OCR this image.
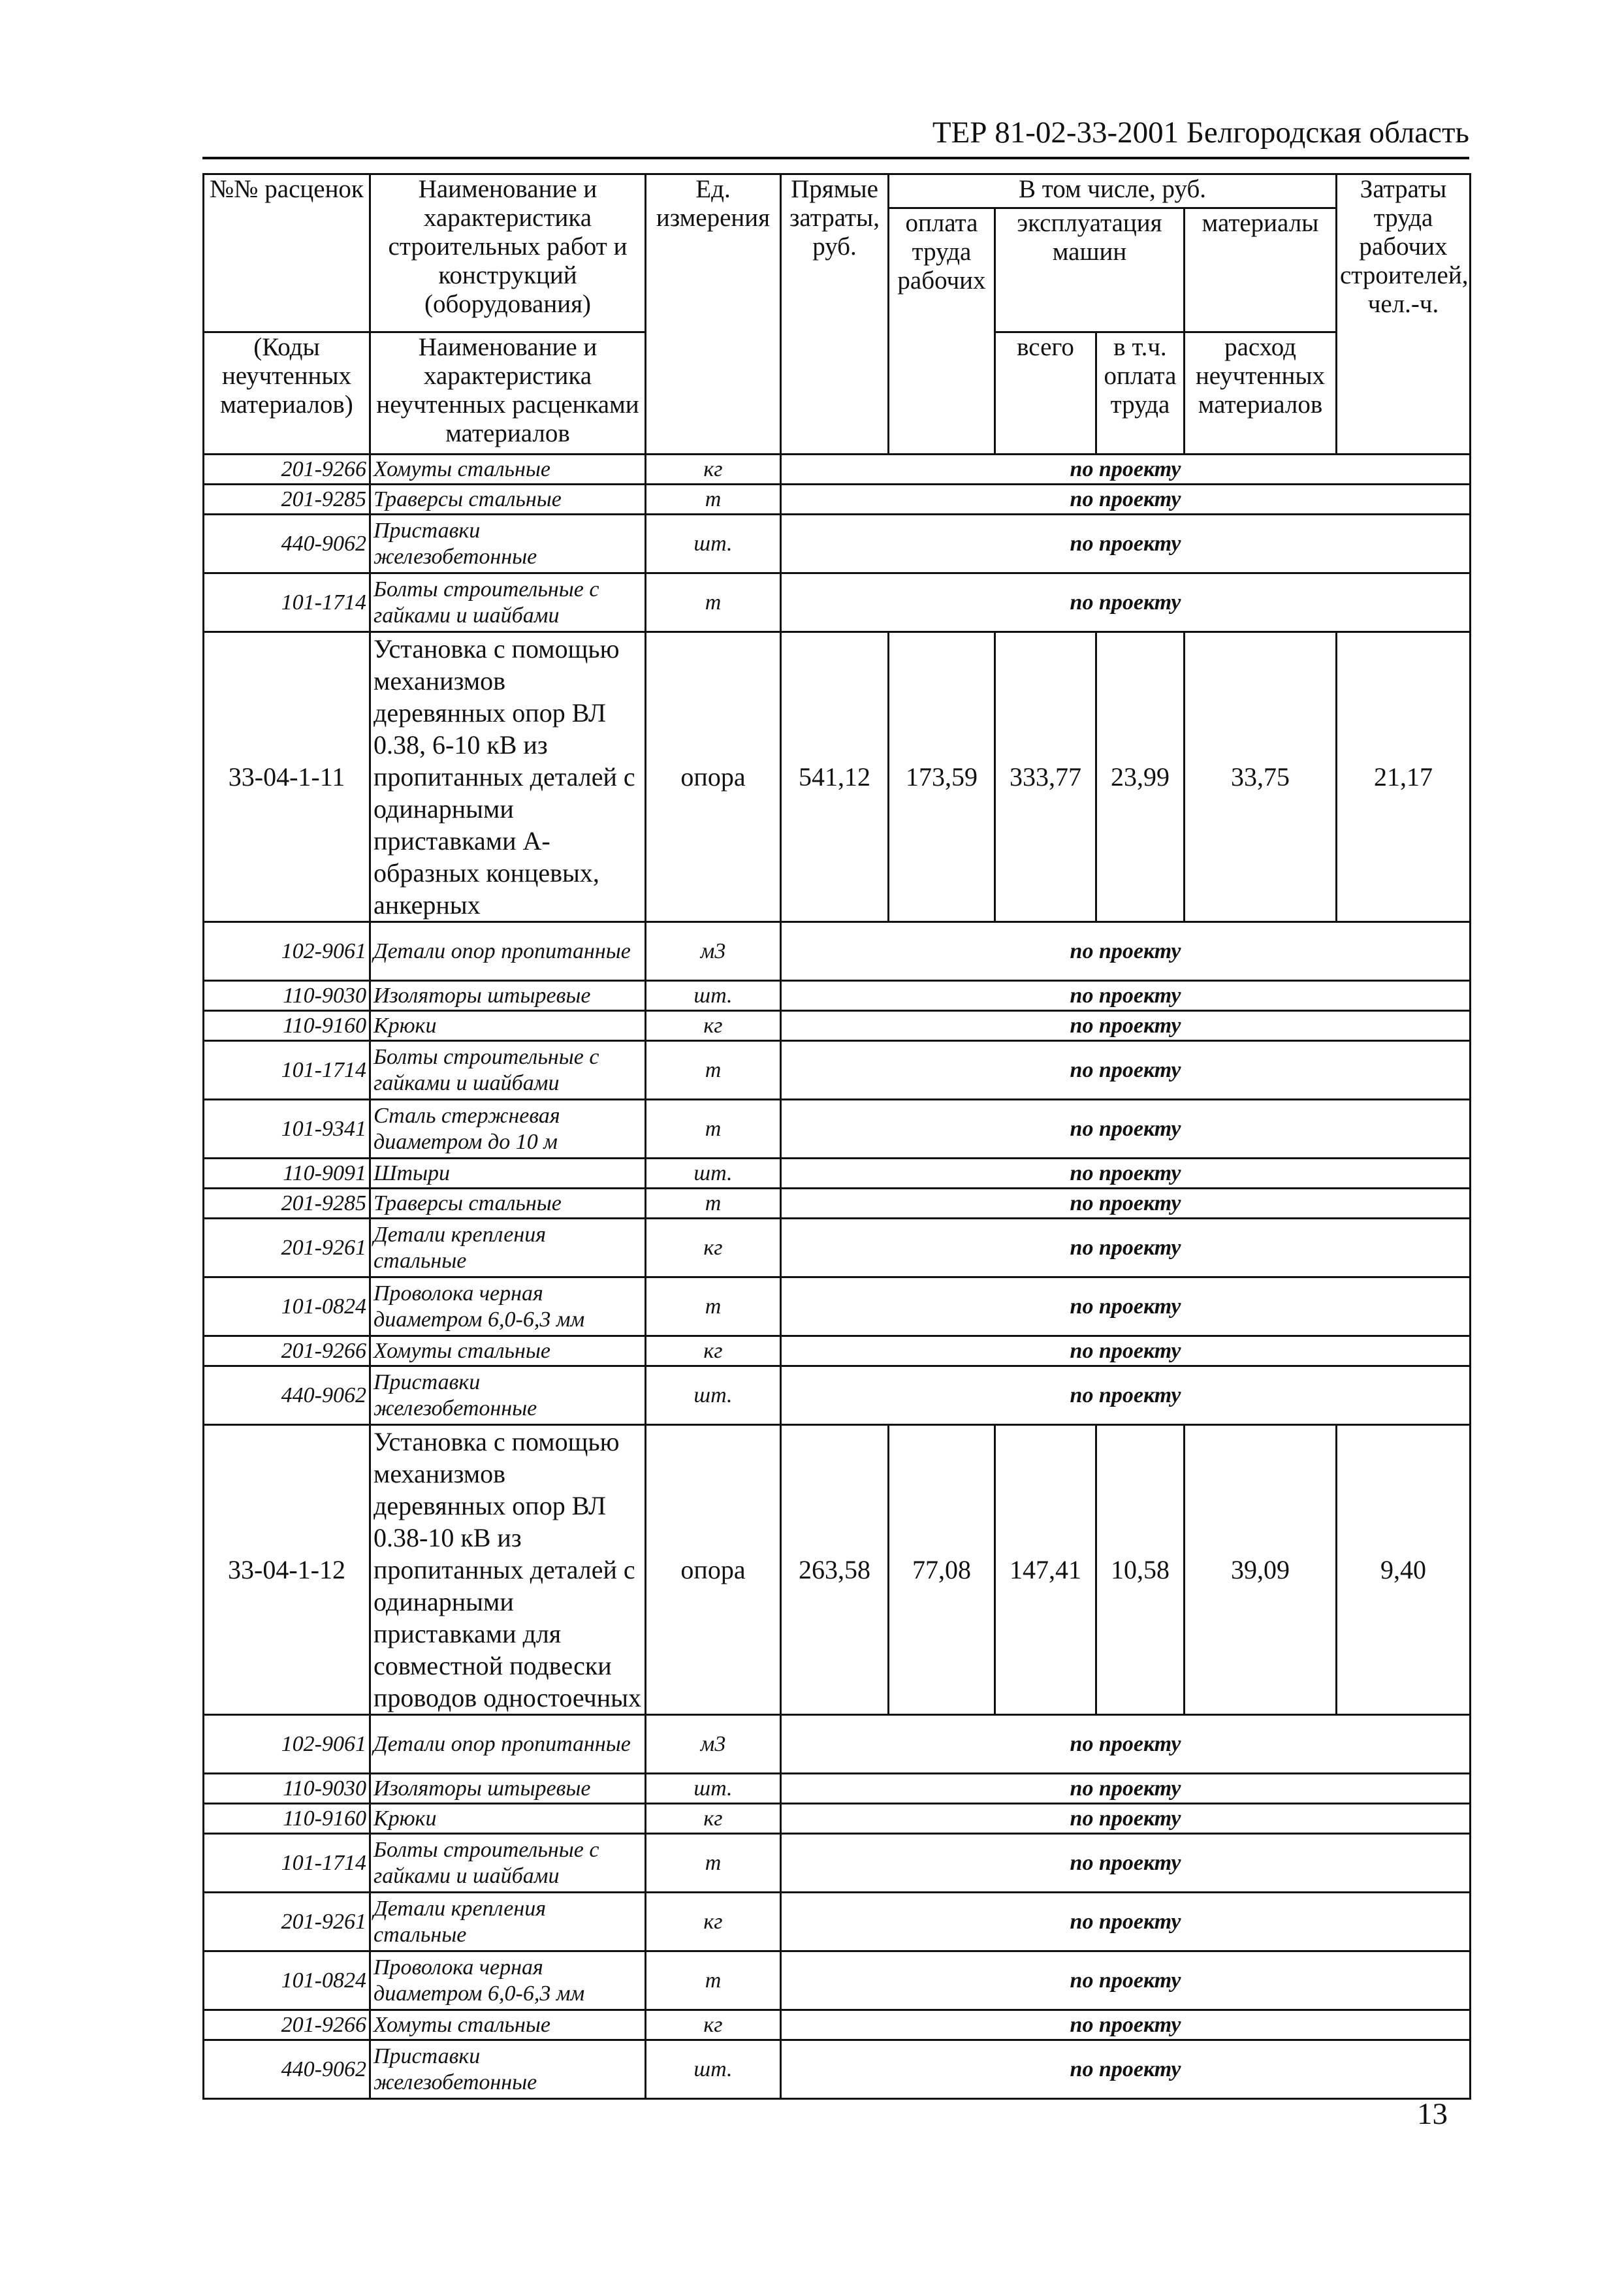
ТЕР 81-02-33-2001 Белгородская область
№№ расценок	Наименование и характеристика строительных работ и конструкций (оборудования)	Ед. измерения	Прямые затраты, руб.	В том числе, руб.				Затраты труда рабочих строителей, чел.-ч.
				оплата труда рабочих	эксплуатация машин		материалы	
(Коды неучтенных материалов)	Наименование и характеристика неучтенных расценками материалов				всего	в т.ч. оплата труда	расход неучтенных материалов	
201-9266	Хомуты стальные	кг	по проекту					
201-9285	Траверсы стальные	т	по проекту					
440-9062	Приставки железобетонные	шт.	по проекту					
101-1714	Болты строительные с гайками и шайбами	т	по проекту					
33-04-1-11	Установка с помощью механизмов деревянных опор ВЛ 0.38, 6-10 кВ из пропитанных деталей с одинарными приставками А- образных концевых, анкерных	опора	541,12	173,59	333,77	23,99	33,75	21,17
102-9061	Детали опор пропитанные	м3	по проекту					
110-9030	Изоляторы штыревые	шт.	по проекту					
110-9160	Крюки	кг	по проекту					
101-1714	Болты строительные с гайками и шайбами	т	по проекту					
101-9341	Сталь стержневая диаметром до 10 м	т	по проекту					
110-9091	Штыри	шт.	по проекту					
201-9285	Траверсы стальные	т	по проекту					
201-9261	Детали крепления стальные	кг	по проекту					
101-0824	Проволока черная диаметром 6,0-6,3 мм	т	по проекту					
201-9266	Хомуты стальные	кг	по проекту					
440-9062	Приставки железобетонные	шт.	по проекту					
33-04-1-12	Установка с помощью механизмов деревянных опор ВЛ 0.38-10 кВ из пропитанных деталей с одинарными приставками для совместной подвески проводов одностоечных	опора	263,58	77,08	147,41	10,58	39,09	9,40
102-9061	Детали опор пропитанные	м3	по проекту					
110-9030	Изоляторы штыревые	шт.	по проекту					
110-9160	Крюки	кг	по проекту					
101-1714	Болты строительные с гайками и шайбами	т	по проекту					
201-9261	Детали крепления стальные	кг	по проекту					
101-0824	Проволока черная диаметром 6,0-6,3 мм	т	по проекту					
201-9266	Хомуты стальные	кг	по проекту					
440-9062	Приставки железобетонные	шт.	по проекту					
13
